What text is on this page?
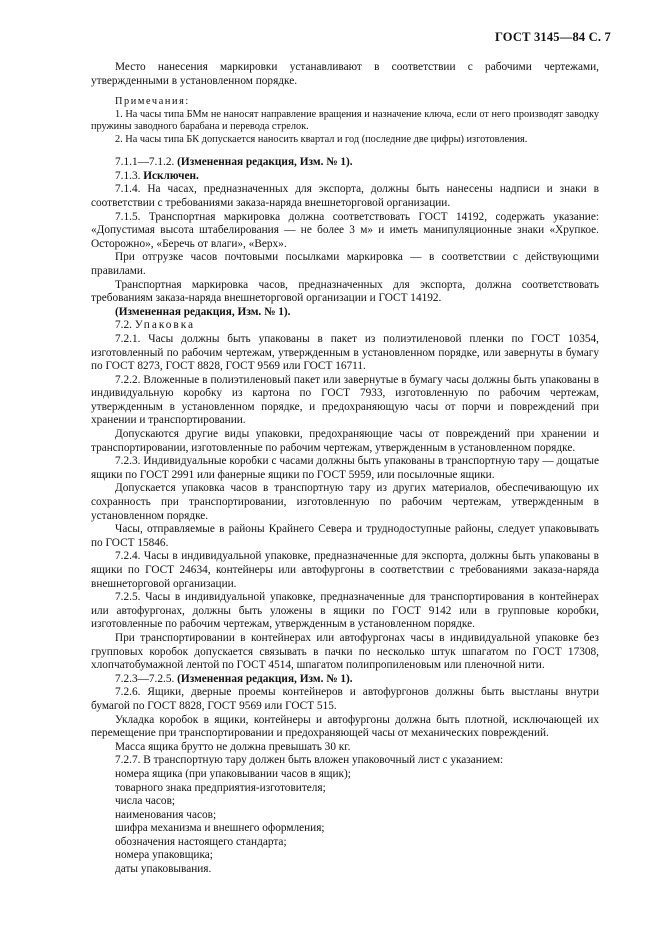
ГОСТ 3145—84 С. 7

Место нанесения маркировки устанавливают в соответствии с рабочими чертежами, утвержденными в установленном порядке.

Примечания:

1. На часы типа БМм не наносят направление вращения и назначение ключа, если от него производят заводку пружины заводного барабана и перевода стрелок.

2. На часы типа БК допускается наносить квартал и год (последние две цифры) изготовления.

7.1.1—7.1.2. (Измененная редакция, Изм. № 1).

7.1.3. Исключен.

7.1.4. На часах, предназначенных для экспорта, должны быть нанесены надписи и знаки в соответствии с требованиями заказа-наряда внешнеторговой организации.

7.1.5. Транспортная маркировка должна соответствовать ГОСТ 14192, содержать указание: «Допустимая высота штабелирования — не более 3 м» и иметь манипуляционные знаки «Хрупкое. Осторожно», «Беречь от влаги», «Верх».

При отгрузке часов почтовыми посылками маркировка — в соответствии с действующими правилами.

Транспортная маркировка часов, предназначенных для экспорта, должна соответствовать требованиям заказа-наряда внешнеторговой организации и ГОСТ 14192.

(Измененная редакция, Изм. № 1).

7.2. Упаковка

7.2.1. Часы должны быть упакованы в пакет из полиэтиленовой пленки по ГОСТ 10354, изготовленный по рабочим чертежам, утвержденным в установленном порядке, или завернуты в бумагу по ГОСТ 8273, ГОСТ 8828, ГОСТ 9569 или ГОСТ 16711.

7.2.2. Вложенные в полиэтиленовый пакет или завернутые в бумагу часы должны быть упакованы в индивидуальную коробку из картона по ГОСТ 7933, изготовленную по рабочим чертежам, утвержденным в установленном порядке, и предохраняющую часы от порчи и повреждений при хранении и транспортировании.

Допускаются другие виды упаковки, предохраняющие часы от повреждений при хранении и транспортировании, изготовленные по рабочим чертежам, утвержденным в установленном порядке.

7.2.3. Индивидуальные коробки с часами должны быть упакованы в транспортную тару — дощатые ящики по ГОСТ 2991 или фанерные ящики по ГОСТ 5959, или посылочные ящики.

Допускается упаковка часов в транспортную тару из других материалов, обеспечивающую их сохранность при транспортировании, изготовленную по рабочим чертежам, утвержденным в установленном порядке.

Часы, отправляемые в районы Крайнего Севера и труднодоступные районы, следует упаковывать по ГОСТ 15846.

7.2.4. Часы в индивидуальной упаковке, предназначенные для экспорта, должны быть упакованы в ящики по ГОСТ 24634, контейнеры или автофургоны в соответствии с требованиями заказа-наряда внешнеторговой организации.

7.2.5. Часы в индивидуальной упаковке, предназначенные для транспортирования в контейнерах или автофургонах, должны быть уложены в ящики по ГОСТ 9142 или в групповые коробки, изготовленные по рабочим чертежам, утвержденным в установленном порядке.

При транспортировании в контейнерах или автофургонах часы в индивидуальной упаковке без групповых коробок допускается связывать в пачки по несколько штук шпагатом по ГОСТ 17308, хлопчатобумажной лентой по ГОСТ 4514, шпагатом полипропиленовым или пленочной нити.

7.2.3—7.2.5. (Измененная редакция, Изм. № 1).

7.2.6. Ящики, дверные проемы контейнеров и автофургонов должны быть выстланы внутри бумагой по ГОСТ 8828, ГОСТ 9569 или ГОСТ 515.

Укладка коробок в ящики, контейнеры и автофургоны должна быть плотной, исключающей их перемещение при транспортировании и предохраняющей часы от механических повреждений.

Масса ящика брутто не должна превышать 30 кг.

7.2.7. В транспортную тару должен быть вложен упаковочный лист с указанием:

номера ящика (при упаковывании часов в ящик);

товарного знака предприятия-изготовителя;

числа часов;

наименования часов;

шифра механизма и внешнего оформления;

обозначения настоящего стандарта;

номера упаковщика;

даты упаковывания.
